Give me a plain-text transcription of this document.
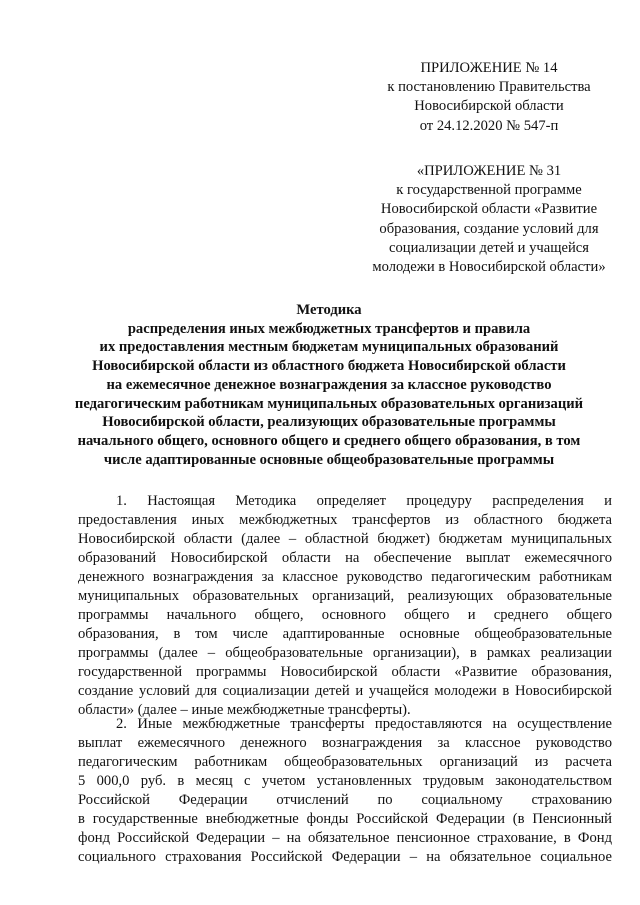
ПРИЛОЖЕНИЕ № 14
к постановлению Правительства
Новосибирской области
от 24.12.2020 № 547-п
«ПРИЛОЖЕНИЕ № 31
к государственной программе
Новосибирской области «Развитие
образования, создание условий для
социализации детей и учащейся
молодежи в Новосибирской области»
Методика
распределения иных межбюджетных трансфертов и правила
их предоставления местным бюджетам муниципальных образований
Новосибирской области из областного бюджета Новосибирской области
на ежемесячное денежное вознаграждения за классное руководство
педагогическим работникам муниципальных образовательных организаций
Новосибирской области, реализующих образовательные программы
начального общего, основного общего и среднего общего образования, в том
числе адаптированные основные общеобразовательные программы
1. Настоящая Методика определяет процедуру распределения и
предоставления иных межбюджетных трансфертов из областного бюджета
Новосибирской области (далее – областной бюджет) бюджетам муниципальных
образований Новосибирской области на обеспечение выплат ежемесячного
денежного вознаграждения за классное руководство педагогическим работникам
муниципальных образовательных организаций, реализующих образовательные
программы начального общего, основного общего и среднего общего
образования, в том числе адаптированные основные общеобразовательные
программы (далее – общеобразовательные организации), в рамках реализации
государственной программы Новосибирской области «Развитие образования,
создание условий для социализации детей и учащейся молодежи в Новосибирской
области» (далее – иные межбюджетные трансферты).
2. Иные межбюджетные трансферты предоставляются на осуществление
выплат ежемесячного денежного вознаграждения за классное руководство
педагогическим работникам общеобразовательных организаций из расчета
5 000,0 руб. в месяц с учетом установленных трудовым законодательством
Российской Федерации отчислений по социальному страхованию
в государственные внебюджетные фонды Российской Федерации (в Пенсионный
фонд Российской Федерации – на обязательное пенсионное страхование, в Фонд
социального страхования Российской Федерации – на обязательное социальное
